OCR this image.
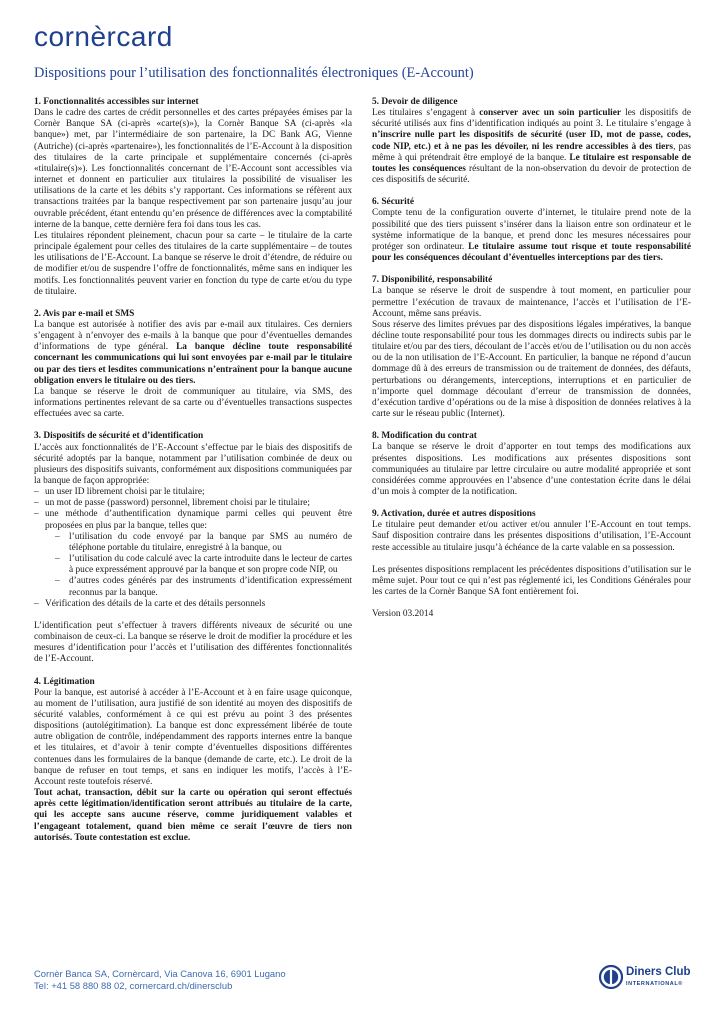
cornèrcard
Dispositions pour l’utilisation des fonctionnalités électroniques (E-Account)
1. Fonctionnalités accessibles sur internet

Dans le cadre des cartes de crédit personnelles et des cartes prépayées émises par la Cornèr Banque SA (ci-après «carte(s)»), la Cornèr Banque SA (ci-après «la banque») met, par l’intermédiaire de son partenaire, la DC Bank AG, Vienne (Autriche) (ci-après «partenaire»), les fonctionnalités de l’E-Account à la disposition des titulaires de la carte principale et supplémentaire concernés (ci-après «titulaire(s)»). Les fonctionnalités concernant de l’E-Account sont accessibles via internet et donnent en particulier aux titulaires la possibilité de visualiser les utilisations de la carte et les débits s’y rapportant. Ces informations se réfèrent aux transactions traitées par la banque respectivement par son partenaire jusqu’au jour ouvrable précédent, étant entendu qu’en présence de différences avec la comptabilité interne de la banque, cette dernière fera foi dans tous les cas.

Les titulaires répondent pleinement, chacun pour sa carte – le titulaire de la carte principale également pour celles des titulaires de la carte supplémentaire – de toutes les utilisations de l’E-Account. La banque se réserve le droit d’étendre, de réduire ou de modifier et/ou de suspendre l’offre de fonctionnalités, même sans en indiquer les motifs. Les fonctionnalités peuvent varier en fonction du type de carte et/ou du type de titulaire.

2. Avis par e-mail et SMS

La banque est autorisée à notifier des avis par e-mail aux titulaires. Ces derniers s’engagent à n’envoyer des e-mails à la banque que pour d’éventuelles demandes d’informations de type général. La banque décline toute responsabilité concernant les communications qui lui sont envoyées par e-mail par le titulaire ou par des tiers et lesdites communications n’entraînent pour la banque aucune obligation envers le titulaire ou des tiers.

La banque se réserve le droit de communiquer au titulaire, via SMS, des informations pertinentes relevant de sa carte ou d’éventuelles transactions suspectes effectuées avec sa carte.

3. Dispositifs de sécurité et d’identification

L’accès aux fonctionnalités de l’E-Account s’effectue par le biais des dispositifs de sécurité adoptés par la banque, notamment par l’utilisation combinée de deux ou plusieurs des dispositifs suivants, conformément aux dispositions communiquées par la banque de façon appropriée:

– un user ID librement choisi par le titulaire;
– un mot de passe (password) personnel, librement choisi par le titulaire;
– une méthode d’authentification dynamique parmi celles qui peuvent être proposées en plus par la banque, telles que:
– l’utilisation du code envoyé par la banque par SMS au numéro de téléphone portable du titulaire, enregistré à la banque, ou
– l’utilisation du code calculé avec la carte introduite dans le lecteur de cartes à puce expressément approuvé par la banque et son propre code NIP, ou
– d’autres codes générés par des instruments d’identification expressément reconnus par la banque.
– Vérification des détails de la carte et des détails personnels

L’identification peut s’effectuer à travers différents niveaux de sécurité ou une combinaison de ceux-ci. La banque se réserve le droit de modifier la procédure et les mesures d’identification pour l’accès et l’utilisation des différentes fonctionnalités de l’E-Account.

4. Légitimation

Pour la banque, est autorisé à accéder à l’E-Account et à en faire usage quiconque, au moment de l’utilisation, aura justifié de son identité au moyen des dispositifs de sécurité valables, conformément à ce qui est prévu au point 3 des présentes dispositions (autolégitimation). La banque est donc expressément libérée de toute autre obligation de contrôle, indépendamment des rapports internes entre la banque et les titulaires, et d’avoir à tenir compte d’éventuelles dispositions différentes contenues dans les formulaires de la banque (demande de carte, etc.). Le droit de la banque de refuser en tout temps, et sans en indiquer les motifs, l’accès à l’E-Account reste toutefois réservé.

Tout achat, transaction, débit sur la carte ou opération qui seront effectués après cette légitimation/identification seront attribués au titulaire de la carte, qui les accepte sans aucune réserve, comme juridiquement valables et l’engageant totalement, quand bien même ce serait l’œuvre de tiers non autorisés. Toute contestation est exclue.

5. Devoir de diligence

Les titulaires s’engagent à conserver avec un soin particulier les dispositifs de sécurité utilisés aux fins d’identification indiqués au point 3. Le titulaire s’engage à n’inscrire nulle part les dispositifs de sécurité (user ID, mot de passe, codes, code NIP, etc.) et à ne pas les dévoiler, ni les rendre accessibles à des tiers, pas même à qui prétendrait être employé de la banque. Le titulaire est responsable de toutes les conséquences résultant de la non-observation du devoir de protection de ces dispositifs de sécurité.

6. Sécurité

Compte tenu de la configuration ouverte d’internet, le titulaire prend note de la possibilité que des tiers puissent s’insérer dans la liaison entre son ordinateur et le système informatique de la banque, et prend donc les mesures nécessaires pour protéger son ordinateur. Le titulaire assume tout risque et toute responsabilité pour les conséquences découlant d’éventuelles interceptions par des tiers.

7. Disponibilité, responsabilité

La banque se réserve le droit de suspendre à tout moment, en particulier pour permettre l’exécution de travaux de maintenance, l’accès et l’utilisation de l’E-Account, même sans préavis.

Sous réserve des limites prévues par des dispositions légales impératives, la banque décline toute responsabilité pour tous les dommages directs ou indirects subis par le titulaire et/ou par des tiers, découlant de l’accès et/ou de l’utilisation ou du non accès ou de la non utilisation de l’E-Account. En particulier, la banque ne répond d’aucun dommage dû à des erreurs de transmission ou de traitement de données, des défauts, perturbations ou dérangements, interceptions, interruptions et en particulier de n’importe quel dommage découlant d’erreur de transmission de données, d’exécution tardive d’opérations ou de la mise à disposition de données relatives à la carte sur le réseau public (Internet).

8. Modification du contrat

La banque se réserve le droit d’apporter en tout temps des modifications aux présentes dispositions. Les modifications aux présentes dispositions sont communiquées au titulaire par lettre circulaire ou autre modalité appropriée et sont considérées comme approuvées en l’absence d’une contestation écrite dans le délai d’un mois à compter de la notification.

9. Activation, durée et autres dispositions

Le titulaire peut demander et/ou activer et/ou annuler l’E-Account en tout temps. Sauf disposition contraire dans les présentes dispositions d’utilisation, l’E-Account reste accessible au titulaire jusqu’à échéance de la carte valable en sa possession.

Les présentes dispositions remplacent les précédentes dispositions d’utilisation sur le même sujet. Pour tout ce qui n’est pas réglementé ici, les Conditions Générales pour les cartes de la Cornèr Banque SA font entièrement foi.

Version 03.2014

Cornèr Banca SA, Cornèrcard, Via Canova 16, 6901 Lugano
Tel: +41 58 880 88 02, cornercard.ch/dinersclub
Diners Club
INTERNATIONAL®
